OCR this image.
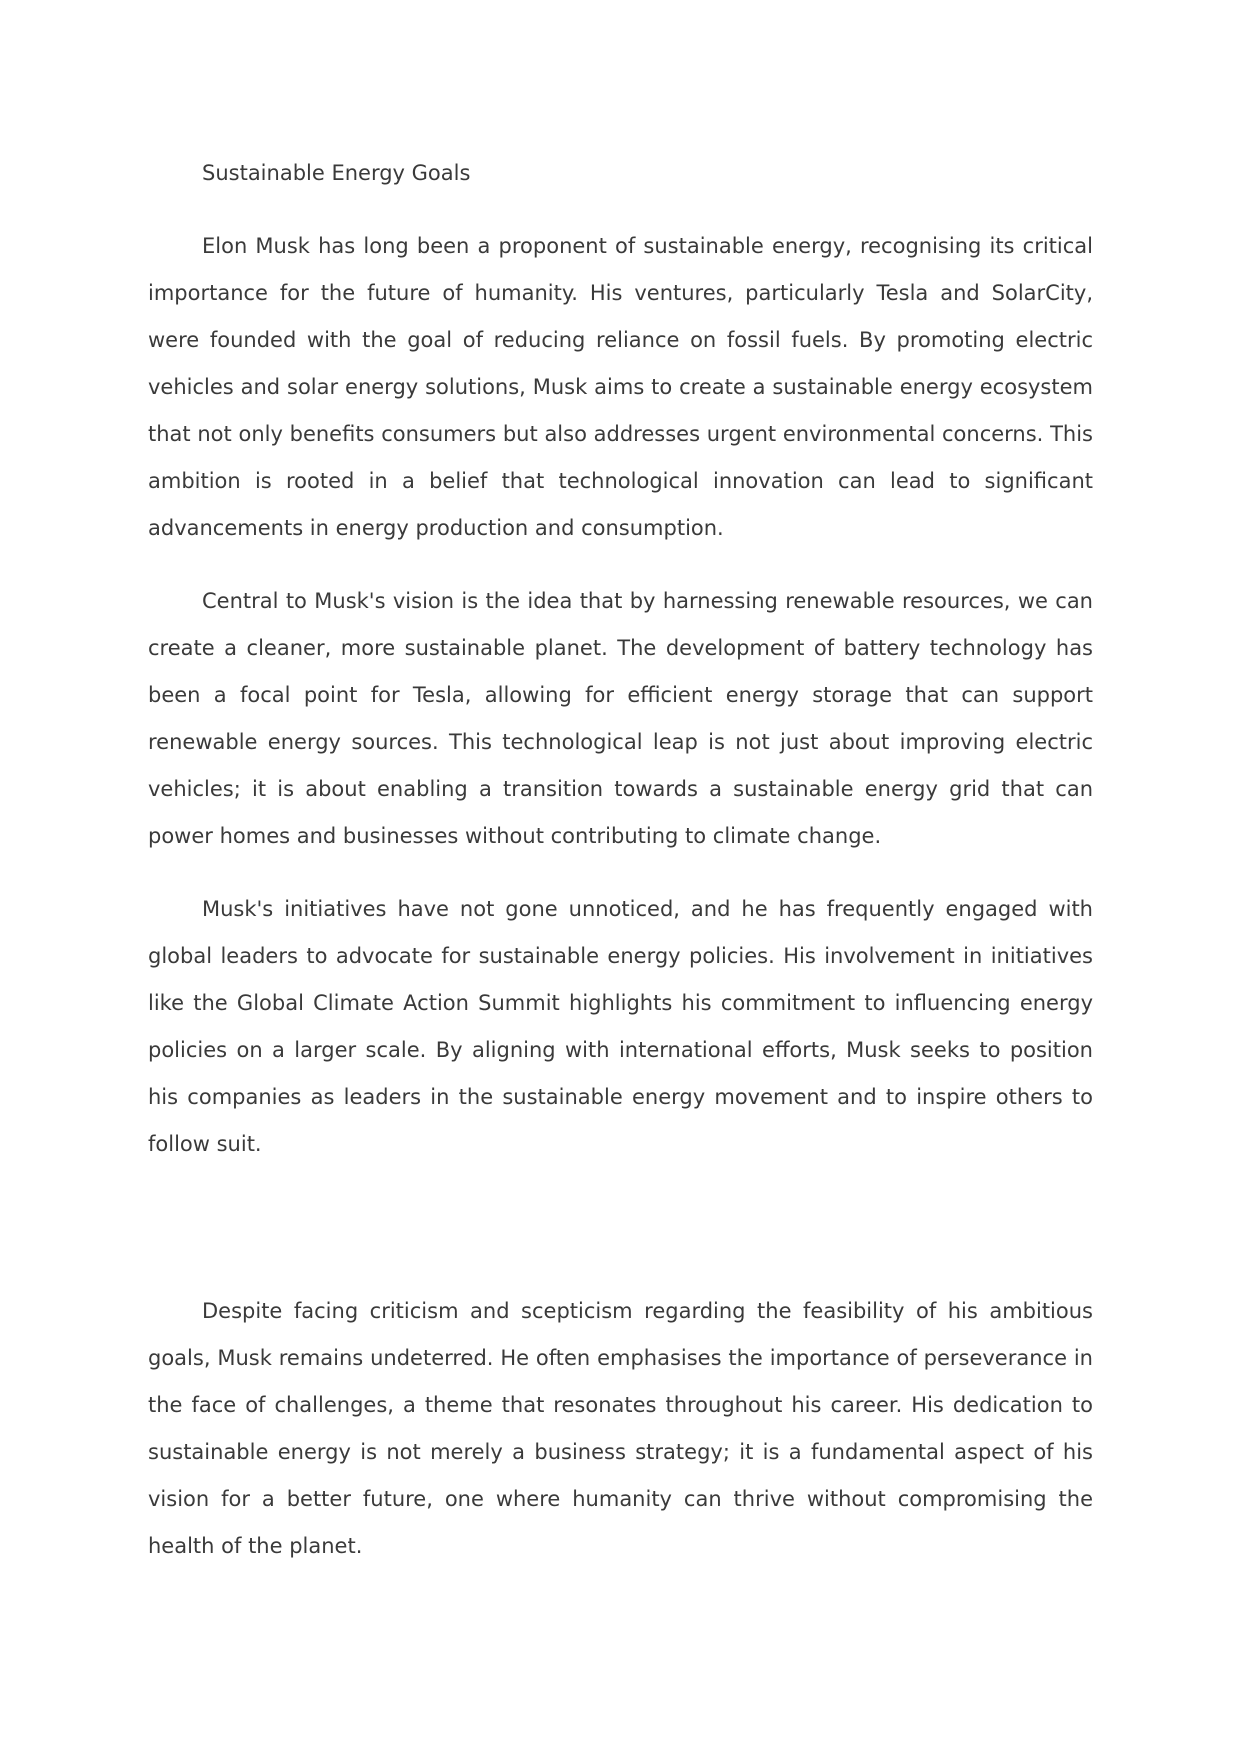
Sustainable Energy Goals

Elon Musk has long been a proponent of sustainable energy, recognising its critical importance for the future of humanity. His ventures, particularly Tesla and SolarCity, were founded with the goal of reducing reliance on fossil fuels. By promoting electric vehicles and solar energy solutions, Musk aims to create a sustainable energy ecosystem that not only benefits consumers but also addresses urgent environmental concerns. This ambition is rooted in a belief that technological innovation can lead to significant advancements in energy production and consumption.

Central to Musk's vision is the idea that by harnessing renewable resources, we can create a cleaner, more sustainable planet. The development of battery technology has been a focal point for Tesla, allowing for efficient energy storage that can support renewable energy sources. This technological leap is not just about improving electric vehicles; it is about enabling a transition towards a sustainable energy grid that can power homes and businesses without contributing to climate change.

Musk's initiatives have not gone unnoticed, and he has frequently engaged with global leaders to advocate for sustainable energy policies. His involvement in initiatives like the Global Climate Action Summit highlights his commitment to influencing energy policies on a larger scale. By aligning with international efforts, Musk seeks to position his companies as leaders in the sustainable energy movement and to inspire others to follow suit.

Despite facing criticism and scepticism regarding the feasibility of his ambitious goals, Musk remains undeterred. He often emphasises the importance of perseverance in the face of challenges, a theme that resonates throughout his career. His dedication to sustainable energy is not merely a business strategy; it is a fundamental aspect of his vision for a better future, one where humanity can thrive without compromising the health of the planet.
